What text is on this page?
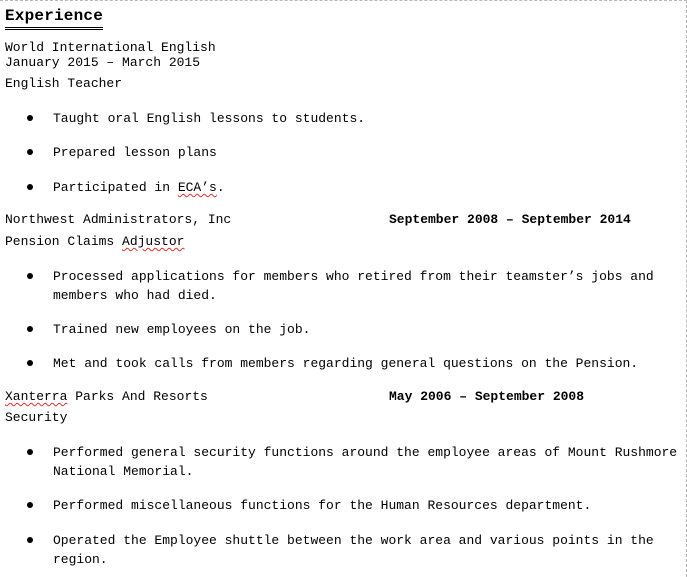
Experience
World International English
January 2015 – March 2015
English Teacher
Taught oral English lessons to students.
Prepared lesson plans
Participated in ECA’s.
Northwest Administrators, Inc	September 2008 – September 2014
Pension Claims Adjustor
Processed applications for members who retired from their teamster’s jobs and members who had died.
Trained new employees on the job.
Met and took calls from members regarding general questions on the Pension.
Xanterra Parks And Resorts	May 2006 – September 2008
Security
Performed general security functions around the employee areas of Mount Rushmore National Memorial.
Performed miscellaneous functions for the Human Resources department.
Operated the Employee shuttle between the work area and various points in the region.
